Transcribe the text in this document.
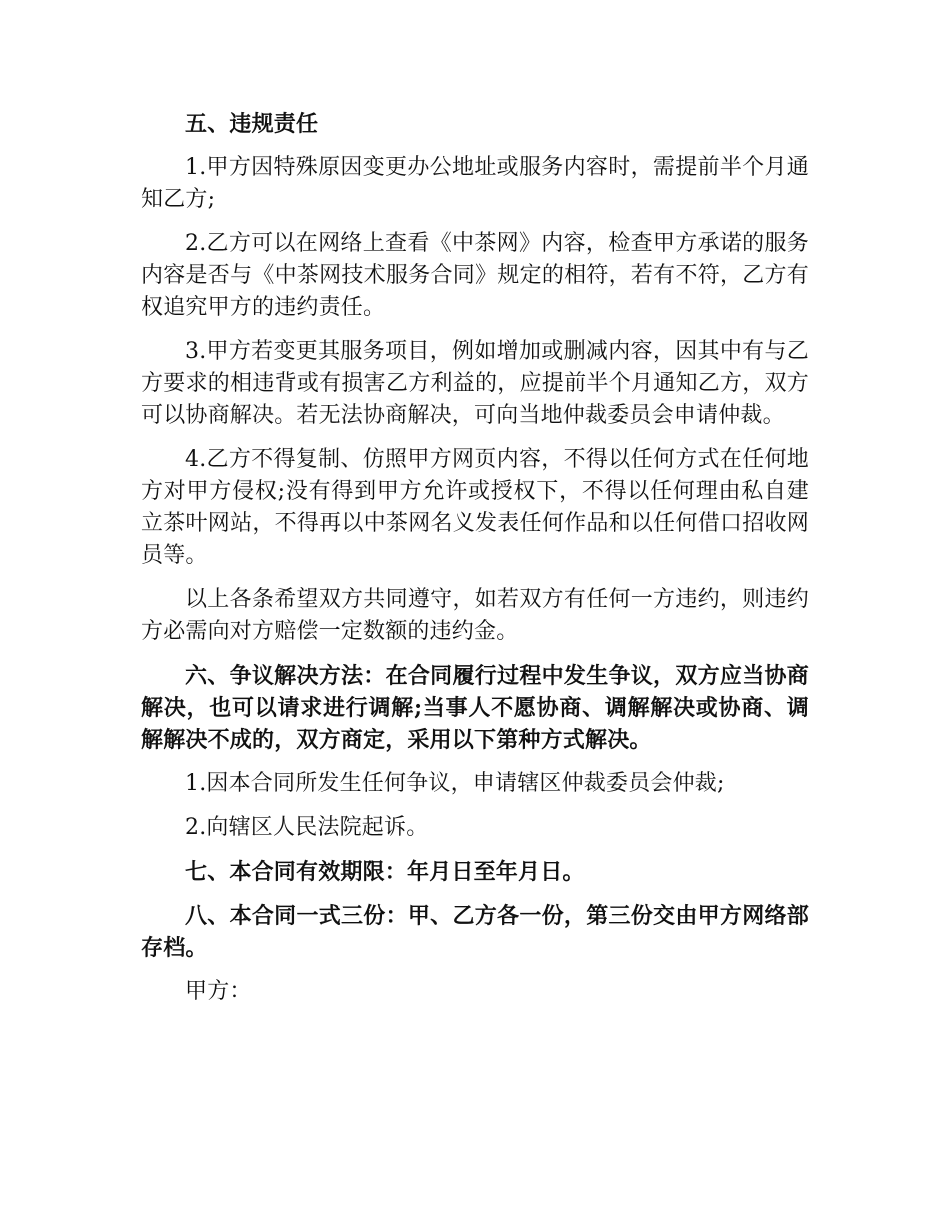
五、违规责任

1.甲方因特殊原因变更办公地址或服务内容时，需提前半个月通知乙方;

2.乙方可以在网络上查看《中茶网》内容，检查甲方承诺的服务内容是否与《中茶网技术服务合同》规定的相符，若有不符，乙方有权追究甲方的违约责任。

3.甲方若变更其服务项目，例如增加或删减内容，因其中有与乙方要求的相违背或有损害乙方利益的，应提前半个月通知乙方，双方可以协商解决。若无法协商解决，可向当地仲裁委员会申请仲裁。

4.乙方不得复制、仿照甲方网页内容，不得以任何方式在任何地方对甲方侵权;没有得到甲方允许或授权下，不得以任何理由私自建立茶叶网站，不得再以中茶网名义发表任何作品和以任何借口招收网员等。

以上各条希望双方共同遵守，如若双方有任何一方违约，则违约方必需向对方赔偿一定数额的违约金。

六、争议解决方法：在合同履行过程中发生争议，双方应当协商解决，也可以请求进行调解;当事人不愿协商、调解解决或协商、调解解决不成的，双方商定，采用以下第种方式解决。

1.因本合同所发生任何争议，申请辖区仲裁委员会仲裁;

2.向辖区人民法院起诉。

七、本合同有效期限：年月日至年月日。

八、本合同一式三份：甲、乙方各一份，第三份交由甲方网络部存档。

甲方：
